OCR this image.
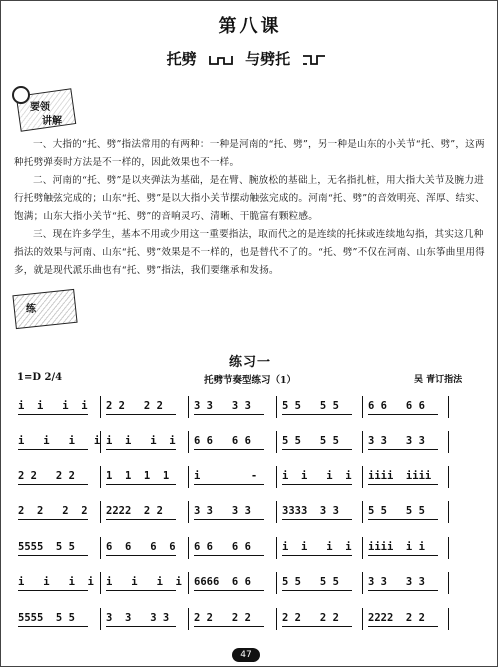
第八课
托劈	与劈托
要领
讲解
一、大指的“托、劈”指法常用的有两种：一种是河南的“托、劈”，另一种是山东的小关节“托、劈”，这两种托劈弹奏时方法是不一样的，因此效果也不一样。
二、河南的“托、劈”是以夹弹法为基础，是在臂、腕放松的基础上，无名指扎桩，用大指大关节及腕力进行托劈触弦完成的；山东“托、劈”是以大指小关节摆动触弦完成的。河南“托、劈”的音效明亮、浑厚、结实、饱满；山东大指小关节“托、劈”的音响灵巧、清晰、干脆富有颗粒感。
三、现在许多学生，基本不用或少用这一重要指法，取而代之的是连续的托抹或连续地勾指，其实这几种指法的效果与河南、山东“托、劈”效果是不一样的，也是替代不了的。“托、劈”不仅在河南、山东筝曲里用得多，就是现代派乐曲也有“托、劈”指法，我们要继承和发扬。
练
练习一
1=D 2/4	托劈节奏型练习（1）	吴 青订指法
i  i   i  i 2 2   2 2	3 3   3 3	5 5   5 5	6 6   6 6
i   i   i   i i  i   i  i 6 6   6 6	5 5   5 5	3 3   3 3
2 2   2 2	1  1  1  1 i        - i  i   i  i iiii  iiii
2  2   2  2 2222  2 2	3 3   3 3	3333  3 3	5 5   5 5
5555  5 5	6  6   6  6 6 6   6 6	i  i   i  i iiii  i i
i   i   i  i i   i   i  i 6666  6 6	5 5   5 5	3 3   3 3
5555  5 5	3  3   3 3 2 2   2 2	2 2   2 2	2222  2 2
47
